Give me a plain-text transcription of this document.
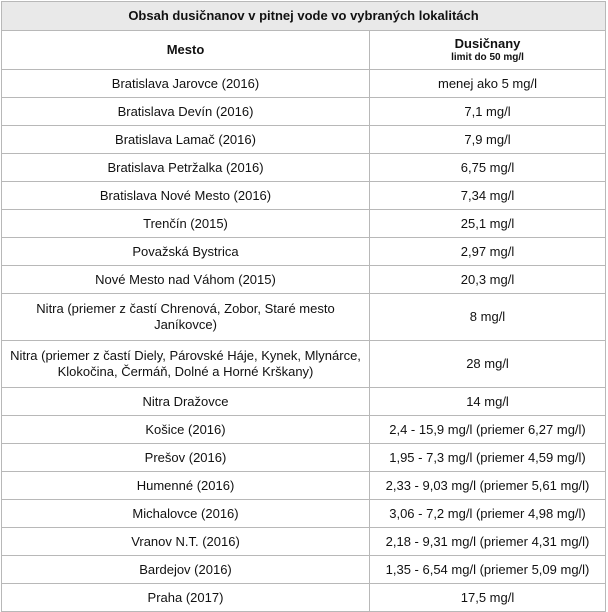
Obsah dusičnanov v pitnej vode vo vybraných lokalitách	
Mesto	Dusičnany
limit do 50 mg/l

Bratislava Jarovce (2016)	menej ako 5 mg/l
Bratislava Devín (2016)	7,1 mg/l
Bratislava Lamač (2016)	7,9 mg/l
Bratislava Petržalka (2016)	6,75 mg/l
Bratislava Nové Mesto (2016)	7,34 mg/l
Trenčín (2015)	25,1 mg/l
Považská Bystrica	2,97 mg/l
Nové Mesto nad Váhom (2015)	20,3 mg/l
Nitra (priemer z častí Chrenová, Zobor, Staré mesto Janíkovce)	8 mg/l
Nitra (priemer z častí Diely, Párovské Háje, Kynek, Mlynárce, Klokočina, Čermáň, Dolné a Horné Krškany)	28 mg/l
Nitra Dražovce	14 mg/l
Košice (2016)	2,4 - 15,9 mg/l (priemer 6,27 mg/l)
Prešov (2016)	1,95 - 7,3 mg/l (priemer 4,59 mg/l)
Humenné (2016)	2,33 - 9,03 mg/l (priemer 5,61 mg/l)
Michalovce (2016)	3,06 - 7,2 mg/l (priemer 4,98 mg/l)
Vranov N.T. (2016)	2,18 - 9,31 mg/l (priemer 4,31 mg/l)
Bardejov (2016)	1,35 - 6,54 mg/l (priemer 5,09 mg/l)
Praha (2017)	17,5 mg/l
